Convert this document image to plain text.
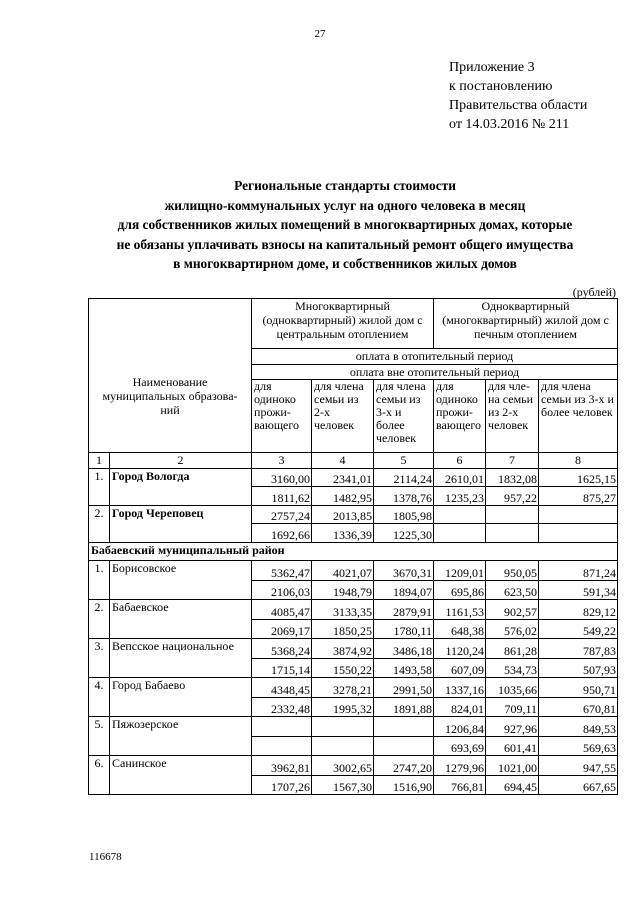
27
Приложение 3
к постановлению
Правительства области
от 14.03.2016 № 211
Региональные стандарты стоимости
жилищно-коммунальных услуг на одного человека в месяц
для собственников жилых помещений в многоквартирных домах, которые
не обязаны уплачивать взносы на капитальный ремонт общего имущества
в многоквартирном доме, и собственников жилых домов
(рублей)
Наименование муниципальных образова-ний		Многоквартирный (одноквартирный) жилой дом с центральным отоплением			Одноквартирный (многоквартирный) жилой дом с печным отоплением		
		оплата в отопительный период					
		оплата вне отопительный период					
		для одиноко прожи-вающего	для члена семьи из 2-х человек	для члена семьи из 3-х и более человек	для одиноко прожи-вающего	для чле-на семьи из 2-х человек	для члена семьи из 3-х и более человек
1	2	3	4	5	6	7	8
1.	Город Вологда	3160,00	2341,01	2114,24	2610,01	1832,08	1625,15
		1811,62	1482,95	1378,76	1235,23	957,22	875,27
2.	Город Череповец	2757,24	2013,85	1805,98			
		1692,66	1336,39	1225,30			
Бабаевский муниципальный район							
1.	Борисовское	5362,47	4021,07	3670,31	1209,01	950,05	871,24
		2106,03	1948,79	1894,07	695,86	623,50	591,34
2.	Бабаевское	4085,47	3133,35	2879,91	1161,53	902,57	829,12
		2069,17	1850,25	1780,11	648,38	576,02	549,22
3.	Вепсское национальное	5368,24	3874,92	3486,18	1120,24	861,28	787,83
		1715,14	1550,22	1493,58	607,09	534,73	507,93
4.	Город Бабаево	4348,45	3278,21	2991,50	1337,16	1035,66	950,71
		2332,48	1995,32	1891,88	824,01	709,11	670,81
5.	Пяжозерское				1206,84	927,96	849,53
					693,69	601,41	569,63
6.	Санинское	3962,81	3002,65	2747,20	1279,96	1021,00	947,55
		1707,26	1567,30	1516,90	766,81	694,45	667,65
116678
